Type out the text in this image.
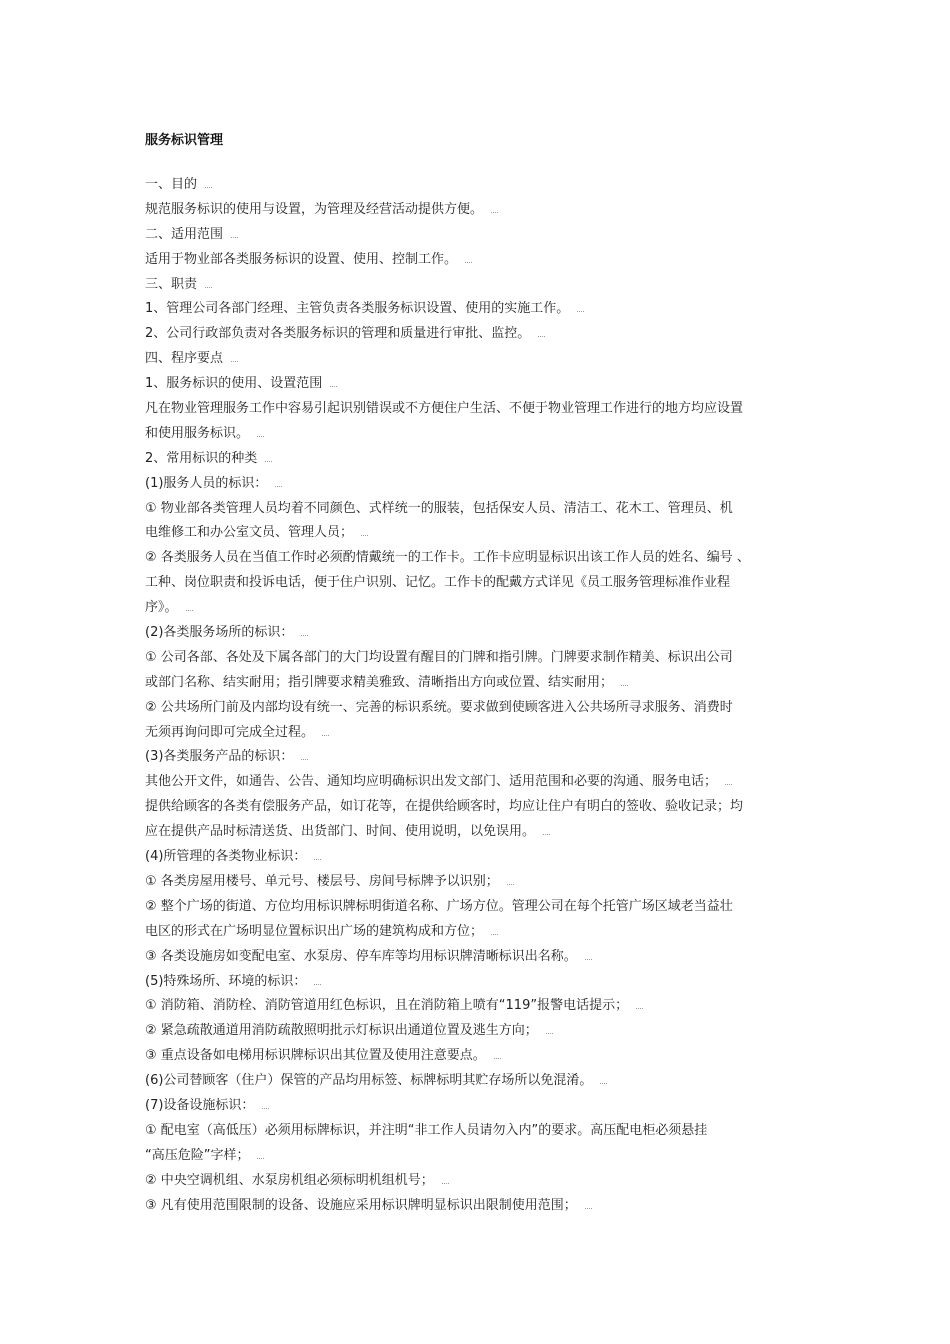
服务标识管理
一、目的
规范服务标识的使用与设置，为管理及经营活动提供方便。
二、适用范围
适用于物业部各类服务标识的设置、使用、控制工作。
三、职责
1、管理公司各部门经理、主管负责各类服务标识设置、使用的实施工作。
2、公司行政部负责对各类服务标识的管理和质量进行审批、监控。
四、程序要点
1、服务标识的使用、设置范围
凡在物业管理服务工作中容易引起识别错误或不方便住户生活、不便于物业管理工作进行的地方均应设置
和使用服务标识。
2、常用标识的种类
(1)服务人员的标识：
① 物业部各类管理人员均着不同颜色、式样统一的服装，包括保安人员、清洁工、花木工、管理员、机
电维修工和办公室文员、管理人员；
② 各类服务人员在当值工作时必须酌情戴统一的工作卡。工作卡应明显标识出该工作人员的姓名、编号 、
工种、岗位职责和投诉电话，便于住户识别、记忆。工作卡的配戴方式详见《员工服务管理标准作业程
序》。
(2)各类服务场所的标识：
① 公司各部、各处及下属各部门的大门均设置有醒目的门牌和指引牌。门牌要求制作精美、标识出公司
或部门名称、结实耐用；指引牌要求精美雅致、清晰指出方向或位置、结实耐用；
② 公共场所门前及内部均设有统一、完善的标识系统。要求做到使顾客进入公共场所寻求服务、消费时
无须再询问即可完成全过程。
(3)各类服务产品的标识：
其他公开文件，如通告、公告、通知均应明确标识出发文部门、适用范围和必要的沟通、服务电话；
提供给顾客的各类有偿服务产品，如订花等，在提供给顾客时，均应让住户有明白的签收、验收记录；均
应在提供产品时标清送货、出货部门、时间、使用说明，以免误用。
(4)所管理的各类物业标识：
① 各类房屋用楼号、单元号、楼层号、房间号标牌予以识别；
② 整个广场的街道、方位均用标识牌标明街道名称、广场方位。管理公司在每个托管广场区域老当益壮
电区的形式在广场明显位置标识出广场的建筑构成和方位；
③ 各类设施房如变配电室、水泵房、停车库等均用标识牌清晰标识出名称。
(5)特殊场所、环境的标识：
① 消防箱、消防栓、消防管道用红色标识，且在消防箱上喷有“119”报警电话提示；
② 紧急疏散通道用消防疏散照明批示灯标识出通道位置及逃生方向；
③ 重点设备如电梯用标识牌标识出其位置及使用注意要点。
(6)公司替顾客（住户）保管的产品均用标签、标牌标明其贮存场所以免混淆。
(7)设备设施标识：
① 配电室（高低压）必须用标牌标识，并注明“非工作人员请勿入内”的要求。高压配电柜必须悬挂
“高压危险”字样；
② 中央空调机组、水泵房机组必须标明机组机号；
③ 凡有使用范围限制的设备、设施应采用标识牌明显标识出限制使用范围；
